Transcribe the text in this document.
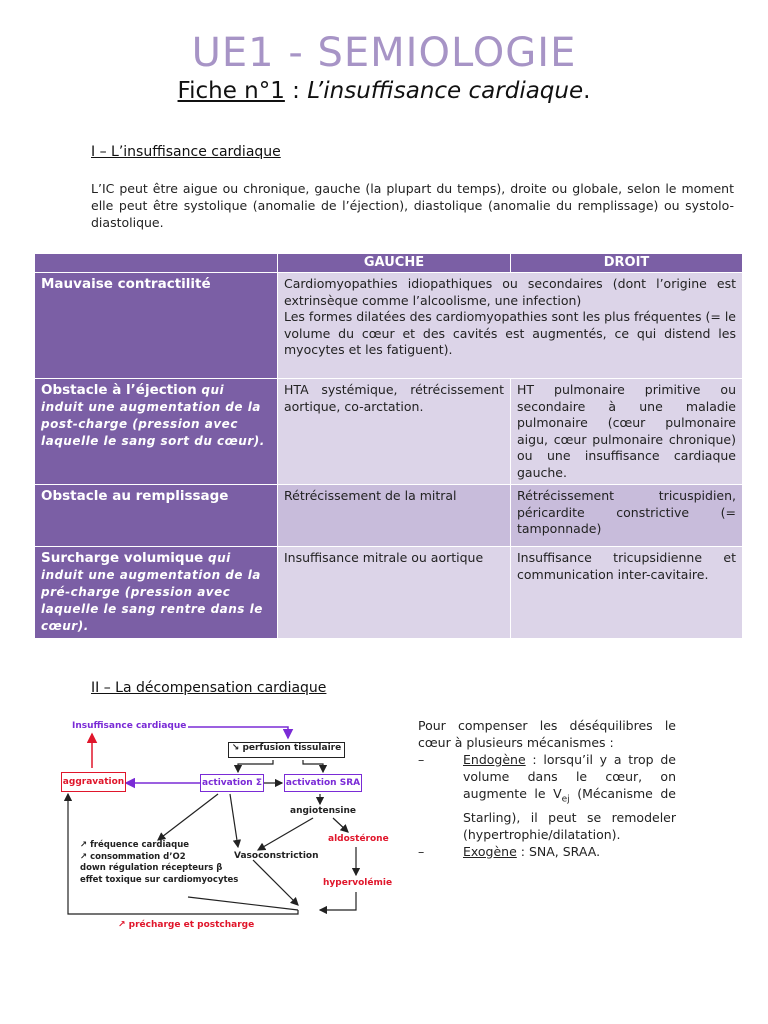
UE1 - SEMIOLOGIE
Fiche n°1 : L’insuffisance cardiaque.
I – L’insuffisance cardiaque
L’IC peut être aigue ou chronique, gauche (la plupart du temps), droite ou globale, selon le moment elle peut être systolique (anomalie de l’éjection), diastolique (anomalie du remplissage) ou systolo-diastolique.
	GAUCHE	DROIT
Mauvaise contractilité	Cardiomyopathies idiopathiques ou secondaires (dont l’origine est extrinsèque comme l’alcoolisme, une infection)
Les formes dilatées des cardiomyopathies sont les plus fréquentes (= le volume du cœur et des cavités est augmentés, ce qui distend les myocytes et les fatiguent).	
Obstacle à l’éjection qui induit une augmentation de la post-charge (pression avec laquelle le sang sort du cœur).	HTA systémique, rétrécissement aortique, co-arctation.	HT pulmonaire primitive ou secondaire à une maladie pulmonaire (cœur pulmonaire aigu, cœur pulmonaire chronique) ou une insuffisance cardiaque gauche.
Obstacle au remplissage	Rétrécissement de la mitral	Rétrécissement tricuspidien, péricardite constrictive (= tamponnade)
Surcharge volumique qui induit une augmentation de la pré-charge (pression avec laquelle le sang rentre dans le cœur).	Insuffisance mitrale ou aortique	Insuffisance tricupsidienne et communication inter-cavitaire.
II – La décompensation cardiaque
Insuffisance cardiaque
↘ perfusion tissulaire
aggravation	activation Σ	activation SRA
angiotensine
aldostérone
Vasoconstriction
hypervolémie
↗ fréquence cardiaque
↗ consommation d’O2
down régulation récepteurs β
effet toxique sur cardiomyocytes
↗ précharge et postcharge
Pour compenser les déséquilibres le cœur à plusieurs mécanismes :
–	Endogène : lorsqu’il y a trop de volume dans le cœur, on augmente le $V_{ej}$ (Mécanisme de Starling), il peut se remodeler (hypertrophie/dilatation).
–	Exogène : SNA, SRAA.
